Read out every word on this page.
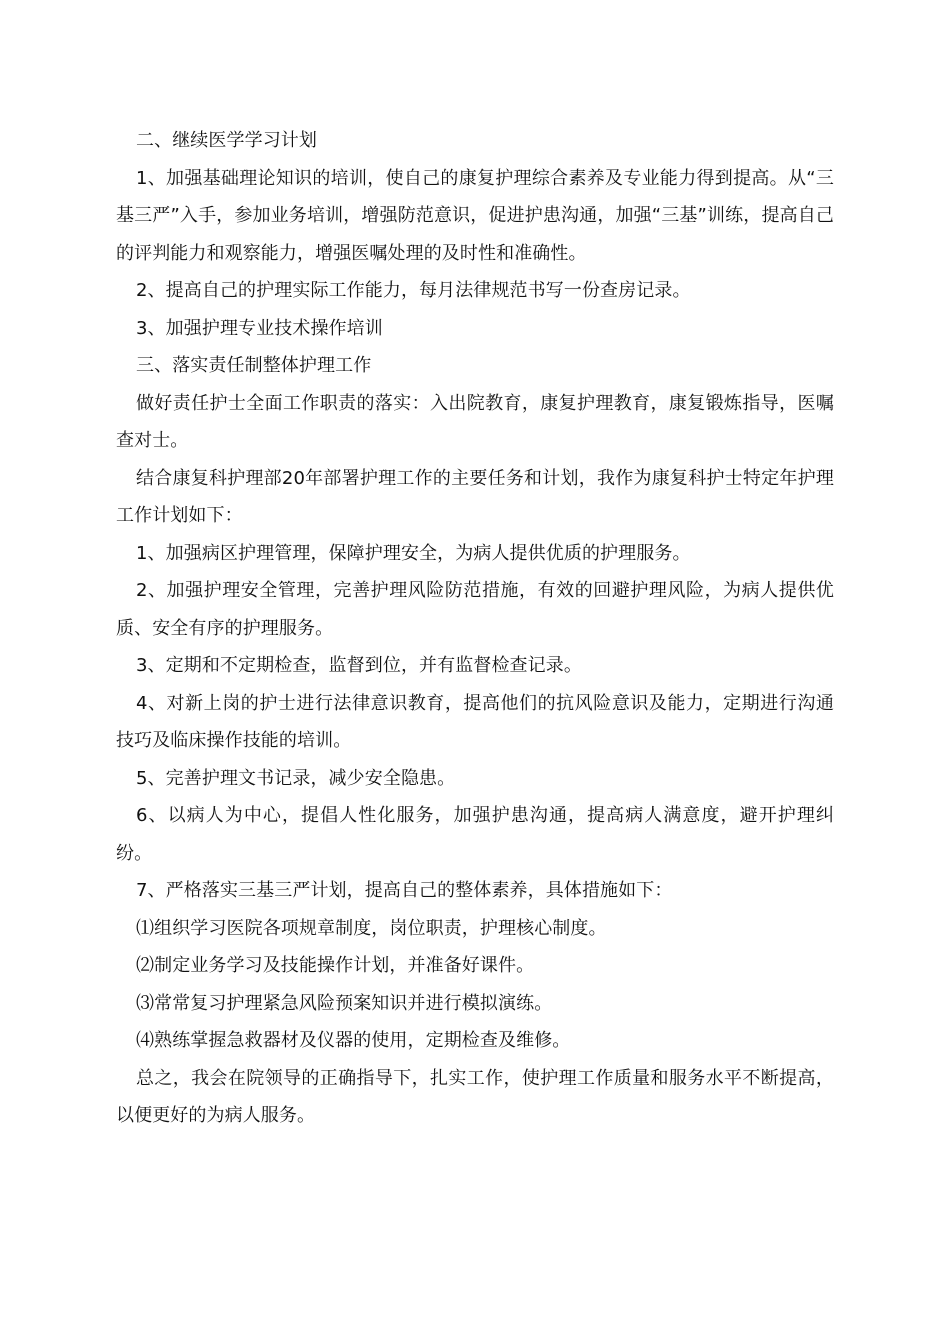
二、继续医学学习计划

1、加强基础理论知识的培训，使自己的康复护理综合素养及专业能力得到提高。从“三基三严”入手，参加业务培训，增强防范意识，促进护患沟通，加强“三基”训练，提高自己的评判能力和观察能力，增强医嘱处理的及时性和准确性。

2、提高自己的护理实际工作能力，每月法律规范书写一份查房记录。

3、加强护理专业技术操作培训

三、落实责任制整体护理工作

做好责任护士全面工作职责的落实：入出院教育，康复护理教育，康复锻炼指导，医嘱查对士。

结合康复科护理部20年部署护理工作的主要任务和计划，我作为康复科护士特定年护理工作计划如下：

1、加强病区护理管理，保障护理安全，为病人提供优质的护理服务。

2、加强护理安全管理，完善护理风险防范措施，有效的回避护理风险，为病人提供优质、安全有序的护理服务。

3、定期和不定期检查，监督到位，并有监督检查记录。

4、对新上岗的护士进行法律意识教育，提高他们的抗风险意识及能力，定期进行沟通技巧及临床操作技能的培训。

5、完善护理文书记录，减少安全隐患。

6、以病人为中心，提倡人性化服务，加强护患沟通，提高病人满意度，避开护理纠纷。

7、严格落实三基三严计划，提高自己的整体素养，具体措施如下：

⑴组织学习医院各项规章制度，岗位职责，护理核心制度。

⑵制定业务学习及技能操作计划，并准备好课件。

⑶常常复习护理紧急风险预案知识并进行模拟演练。

⑷熟练掌握急救器材及仪器的使用，定期检查及维修。

总之，我会在院领导的正确指导下，扎实工作，使护理工作质量和服务水平不断提高，以便更好的为病人服务。
